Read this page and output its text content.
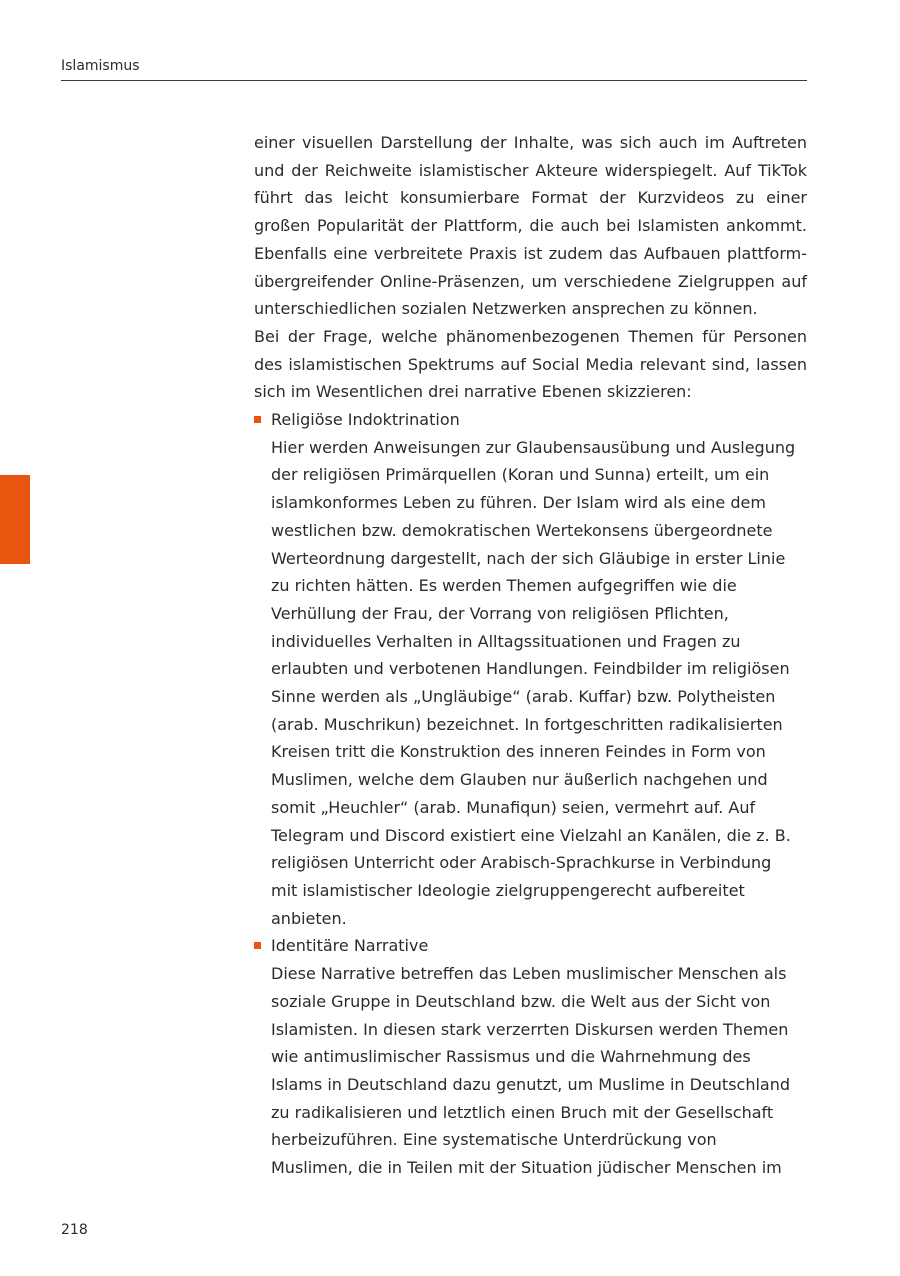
Islamismus

einer visuellen Darstellung der Inhalte, was sich auch im Auftreten und der Reichweite islamistischer Akteure widerspiegelt. Auf TikTok führt das leicht konsumierbare Format der Kurzvideos zu einer großen Popularität der Plattform, die auch bei Islamisten ankommt. Ebenfalls eine verbreitete Praxis ist zudem das Aufbauen plattformübergreifender Online-Präsenzen, um verschiedene Zielgruppen auf unterschiedlichen sozialen Netzwerken ansprechen zu können.

Bei der Frage, welche phänomenbezogenen Themen für Personen des islamistischen Spektrums auf Social Media relevant sind, lassen sich im Wesentlichen drei narrative Ebenen skizzieren:

Religiöse Indoktrination

Hier werden Anweisungen zur Glaubensausübung und Auslegung der religiösen Primärquellen (Koran und Sunna) erteilt, um ein islamkonformes Leben zu führen. Der Islam wird als eine dem westlichen bzw. demokratischen Wertekonsens übergeordnete Werteordnung dargestellt, nach der sich Gläubige in erster Linie zu richten hätten. Es werden Themen aufgegriffen wie die Verhüllung der Frau, der Vorrang von religiösen Pflichten, individuelles Verhalten in Alltagssituationen und Fragen zu erlaubten und verbotenen Handlungen. Feindbilder im religiösen Sinne werden als „Ungläubige“ (arab. Kuffar) bzw. Polytheisten (arab. Muschrikun) bezeichnet. In fortgeschritten radikalisierten Kreisen tritt die Konstruktion des inneren Feindes in Form von Muslimen, welche dem Glauben nur äußerlich nachgehen und somit „Heuchler“ (arab. Munafiqun) seien, vermehrt auf. Auf Telegram und Discord existiert eine Vielzahl an Kanälen, die z. B. religiösen Unterricht oder Arabisch-Sprachkurse in Verbindung mit islamistischer Ideologie zielgruppengerecht aufbereitet anbieten.

Identitäre Narrative

Diese Narrative betreffen das Leben muslimischer Menschen als soziale Gruppe in Deutschland bzw. die Welt aus der Sicht von Islamisten. In diesen stark verzerrten Diskursen werden Themen wie antimuslimischer Rassismus und die Wahrnehmung des Islams in Deutschland dazu genutzt, um Muslime in Deutschland zu radikalisieren und letztlich einen Bruch mit der Gesellschaft herbeizuführen. Eine systematische Unterdrückung von Muslimen, die in Teilen mit der Situation jüdischer Menschen im

218
